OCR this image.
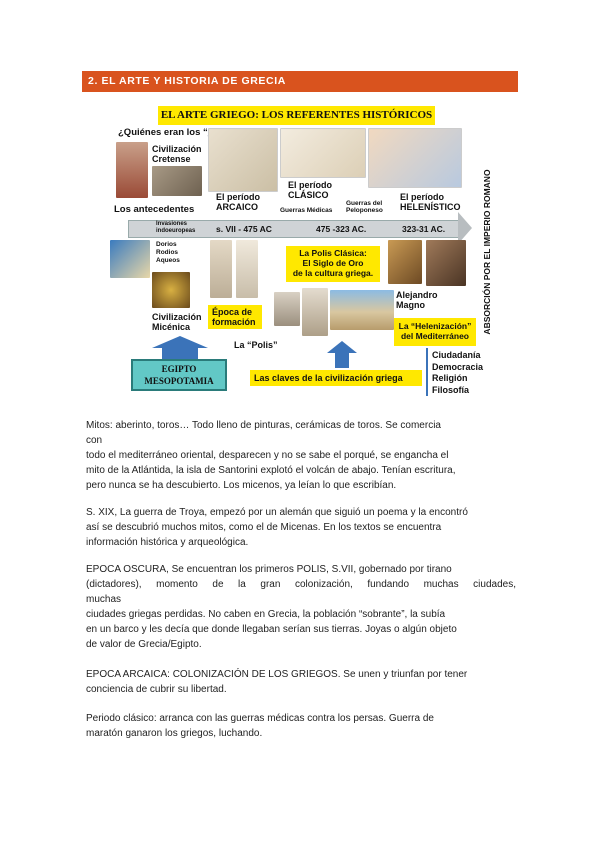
2. EL ARTE Y HISTORIA DE GRECIA
EL ARTE GRIEGO: LOS REFERENTES HISTÓRICOS
¿Quiénes eran los “
Civilización
Cretense
Los antecedentes
El período
ARCAICO
El período
CLÁSICO
Guerras Médicas
Guerras del
Peloponeso
El período
HELENÍSTICO
Invasiones
indoeuropeas s. VII - 475 AC	475 -323 AC.	323-31 AC.
Dorios
Rodios
Aqueos
Civilización
Micénica
Época de
formación
La Polis Clásica:
El Siglo de Oro
de la cultura griega.
La “Polis”
Alejandro
Magno
La “Helenización”
del Mediterráneo
EGIPTO
MESOPOTAMIA	Las claves de la civilización griega
Ciudadanía
Democracia
Religión
Filosofía
ABSORCIÓN POR EL IMPERIO ROMANO
Mitos: aberinto, toros… Todo lleno de pinturas, cerámicas de toros. Se comercia
con
todo el mediterráneo oriental, desparecen y no se sabe el porqué, se engancha el
mito de la Atlántida, la isla de Santorini explotó el volcán de abajo. Tenían escritura,
pero nunca se ha descubierto. Los micenos, ya leían lo que escribían.
S. XIX, La guerra de Troya, empezó por un alemán que siguió un poema y la encontró
así se descubrió muchos mitos, como el de Micenas. En los textos se encuentra
información histórica y arqueológica.
EPOCA OSCURA, Se encuentran los primeros POLIS, S.VII, gobernado por tirano
(dictadores), momento de la gran colonización, fundando muchas ciudades,
muchas
ciudades griegas perdidas. No caben en Grecia, la población “sobrante”, la subía
en un barco y les decía que donde llegaban serían sus tierras. Joyas o algún objeto
de valor de Grecia/Egipto.
EPOCA ARCAICA: COLONIZACIÓN DE LOS GRIEGOS. Se unen y triunfan por tener
conciencia de cubrir su libertad.
Periodo clásico: arranca con las guerras médicas contra los persas. Guerra de
maratón ganaron los griegos, luchando.
